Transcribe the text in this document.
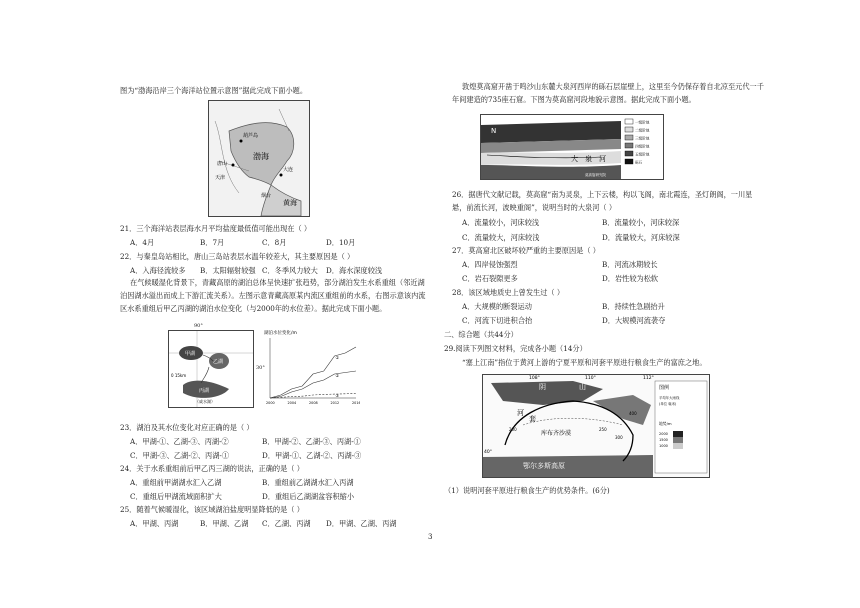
图为“渤海沿岸三个海洋站位置示意图”据此完成下面小题。
渤海
黄海
葫芦岛
唐山
大连
天津
烟台
21．三个海洋站表层海水月平均盐度最低值可能出现在（ ）
A．4月	B．7月	C．8月	D．10月
22．与秦皇岛站相比，唐山三岛站表层水温年较差大，其主要原因是（ ）
A．入海径流较多 B．太阳辐射较强 C．冬季风力较大 D．海水深度较浅
在气候暖湿化背景下，青藏高原的湖泊总体呈快速扩张趋势，部分湖泊发生水系重组（邻近湖泊因湖水溢出而成上下游汇流关系）。左图示意青藏高原某内流区重组前的水系，右图示意该内流区水系重组后甲乙丙湖的湖泊水位变化（与2000年的水位差）。据此完成下面小题。
甲湖
乙湖
丙湖
0 15km
（咸水湖）
90°
30°
湖泊水位变化/m
①
②
③
2000	2004	2008	2012	2016
23．湖泊及其水位变化对应正确的是（ ）
A．甲湖-①、乙湖-③、丙湖-②	B．甲湖-②、乙湖-③、丙湖-①
C．甲湖-③、乙湖-②、丙湖-①	D．甲湖-①、乙湖-②、丙湖-③
24．关于水系重组前后甲乙丙三湖的说法，正确的是（ ）
A．重组前甲湖湖水汇入乙湖	B．重组前乙湖湖水汇入丙湖
C．重组后甲湖流域面积扩大	D．重组后乙湖湖盆容积缩小
25．随着气候暖湿化，该区域湖泊盐度明显降低的是（ ）
A．甲湖、丙湖	B．甲湖、乙湖 C．乙湖、丙湖 D．甲湖、乙湖、丙湖
敦煌莫高窟开凿于鸣沙山东麓大泉河西岸的砾石层崖壁上，这里至今仍保存着自北凉至元代一千年间建造的735座石窟。下图为莫高窟河段地貌示意图。据此完成下面小题。
N
大 泉 河
莫高窟研究院
一级阶地
二级阶地
三级阶地
四级阶地
五级阶地
砾石
26．据唐代文献记载，莫高窟“南为灵泉，上下云楼，构以飞阁，南北霞连，圣灯朗阁，一川星悬，前流长河，波映重阁”，说明当时的大泉河（ ）
A．流量较小，河床较浅	B．流量较小，河床较深
C．流量较大，河床较浅	D．流量较大，河床较深
27．莫高窟北区破坏较严重的主要原因是（ ）
A．四岸侵蚀强烈	B．河流冰期较长
C．岩石裂隙更多	D．岩性较为松软
28．该区域地质史上曾发生过（ ）
A．大规模的断裂运动	B．持续性急剧抬升
C．河流下切进积合抬	D．大规模河流袭夺
二、综合题（共44分）
29.阅读下列图文材料，完成各小题（14分）
“塞上江南”指位于黄河上游的宁夏平原和河套平原进行粮食生产的富庶之地。
108°	110°	112°
40°
阴	山
河
套
库布齐沙漠
鄂尔多斯高原
图例
平均年大雨线
(单位 毫米)
地势/m
2000
1500
1000
400
200	250
300
（1）说明河套平原进行粮食生产的优势条件。(6分)
3
